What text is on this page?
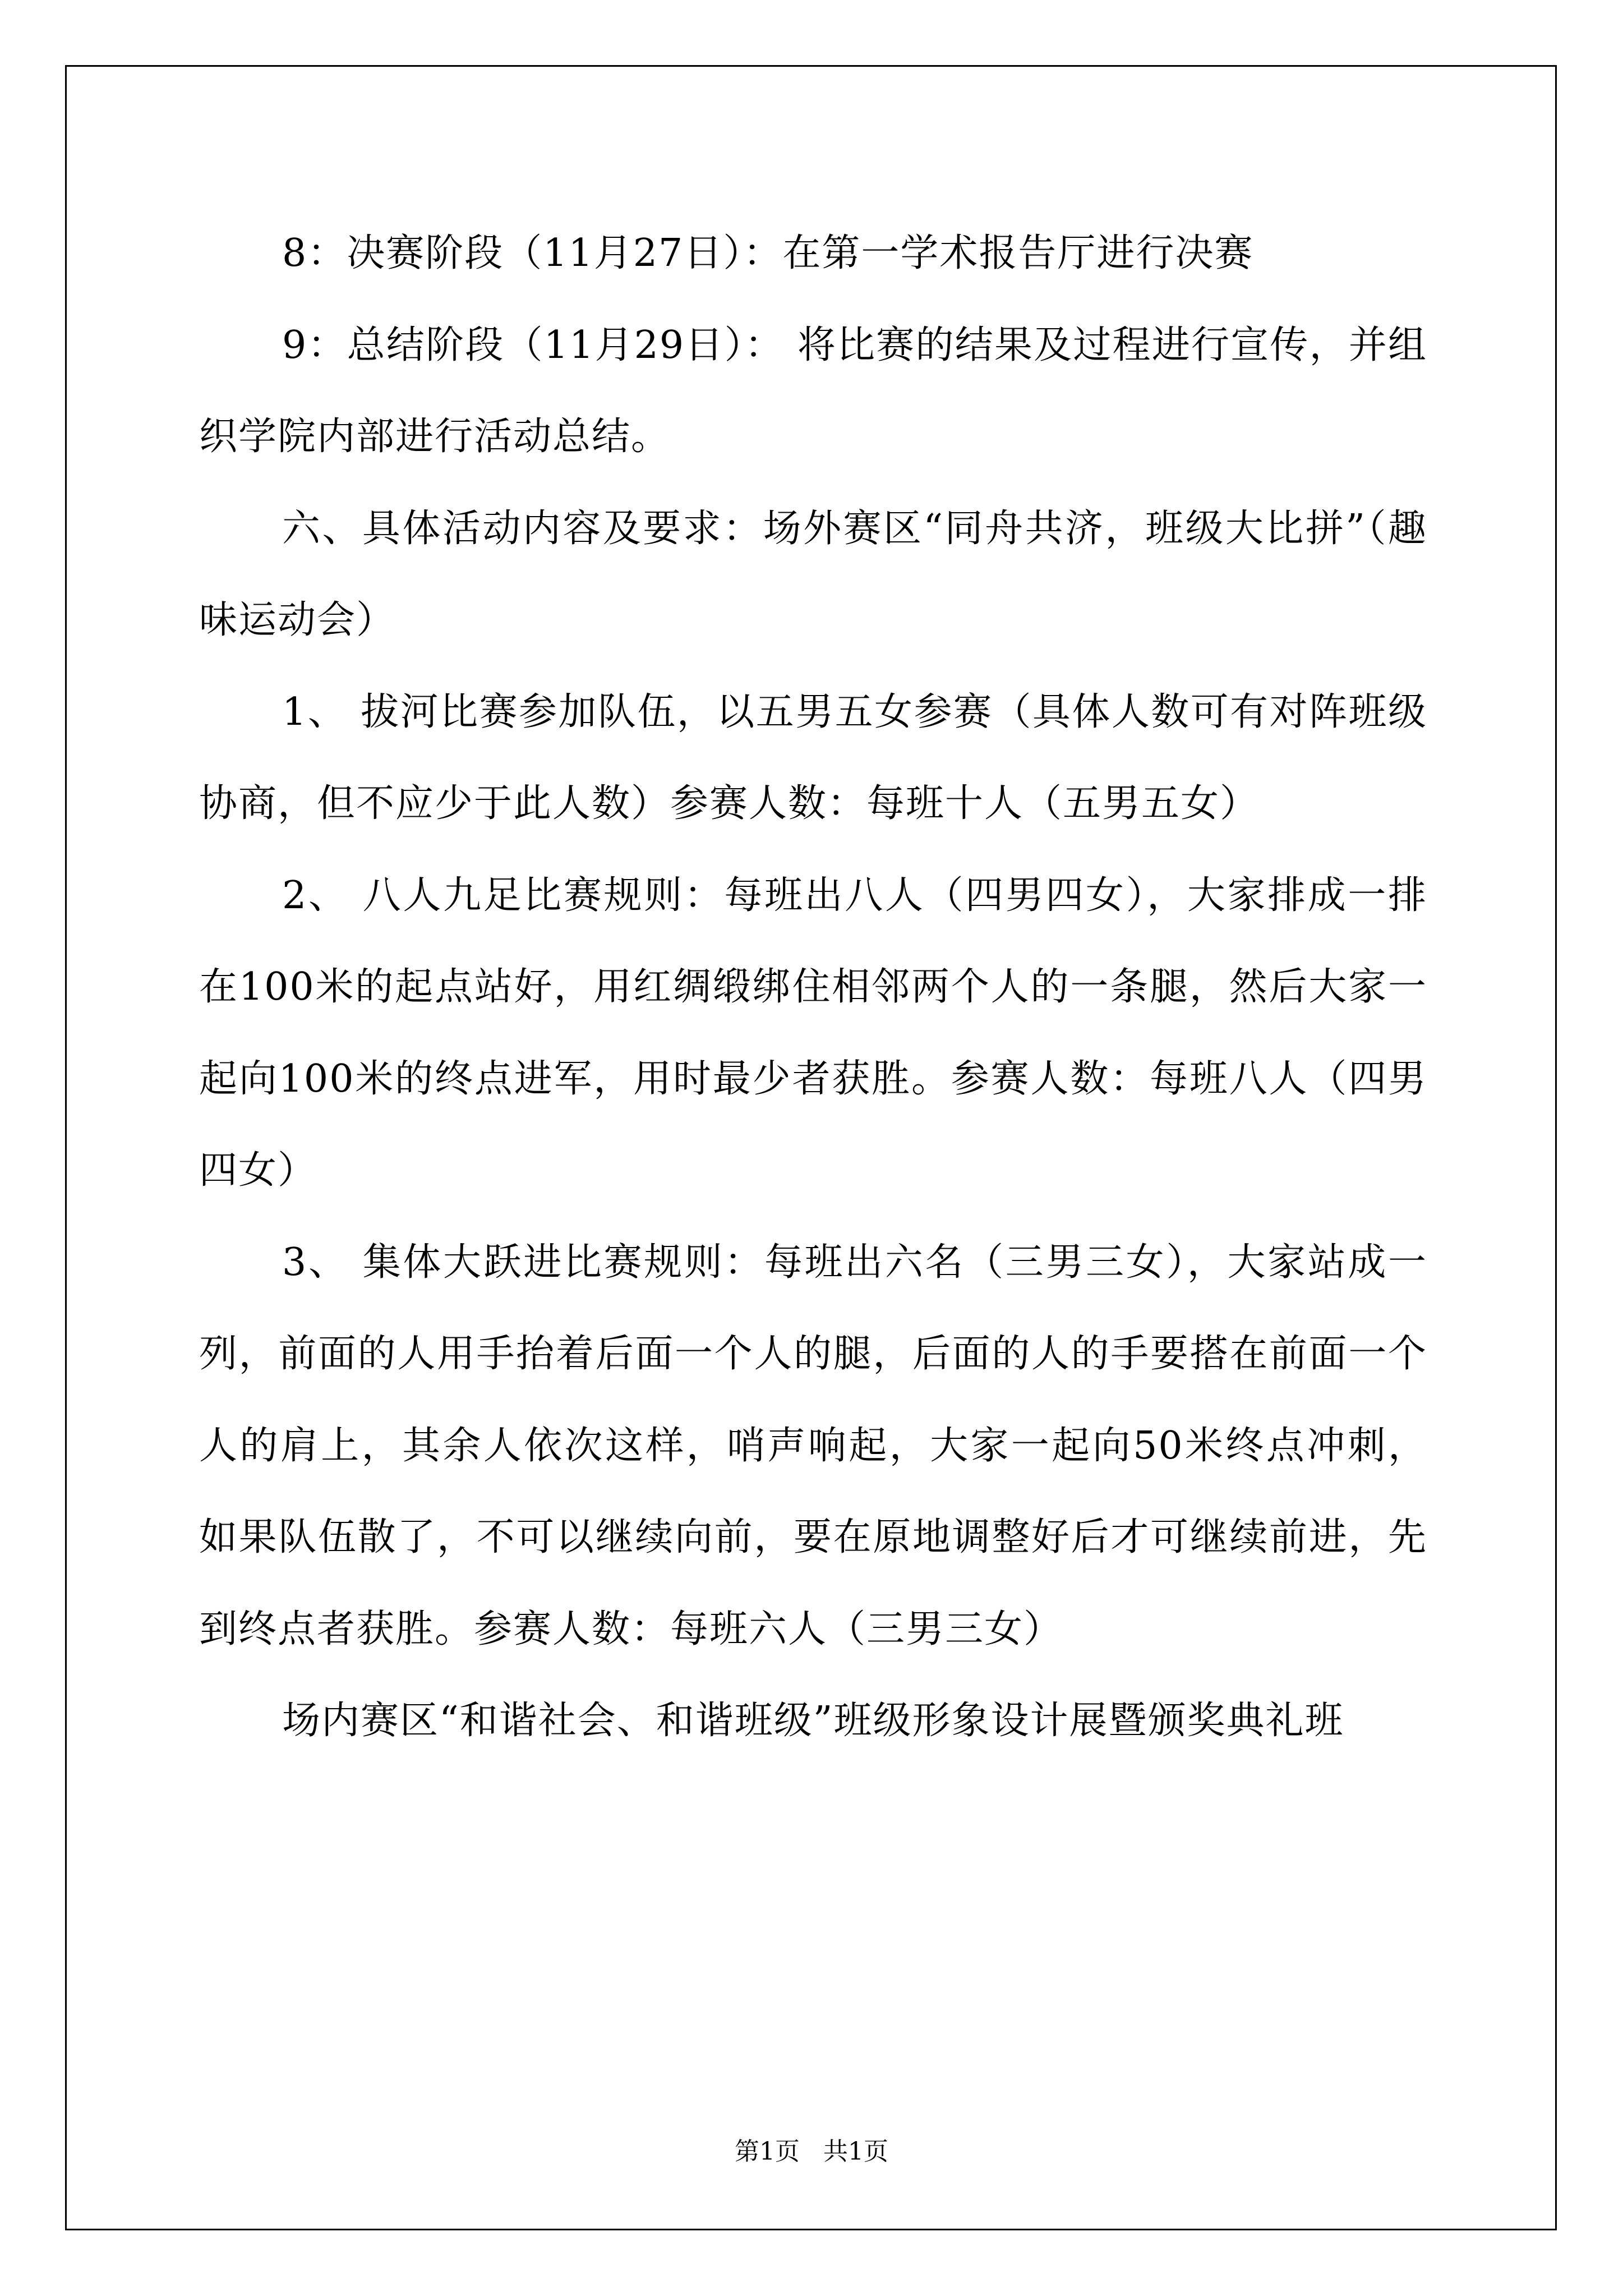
8：决赛阶段（11月27日）：在第一学术报告厅进行决赛

9：总结阶段（11月29日）： 将比赛的结果及过程进行宣传，并组织学院内部进行活动总结。

六、具体活动内容及要求：场外赛区“同舟共济，班级大比拼”（趣味运动会）

1、 拔河比赛参加队伍，以五男五女参赛（具体人数可有对阵班级协商，但不应少于此人数）参赛人数：每班十人（五男五女）

2、 八人九足比赛规则：每班出八人（四男四女），大家排成一排在100米的起点站好，用红绸缎绑住相邻两个人的一条腿，然后大家一起向100米的终点进军，用时最少者获胜。参赛人数：每班八人（四男四女）

3、 集体大跃进比赛规则：每班出六名（三男三女），大家站成一列，前面的人用手抬着后面一个人的腿，后面的人的手要搭在前面一个人的肩上，其余人依次这样，哨声响起，大家一起向50米终点冲刺，如果队伍散了，不可以继续向前，要在原地调整好后才可继续前进，先到终点者获胜。参赛人数：每班六人（三男三女）

场内赛区“和谐社会、和谐班级”班级形象设计展暨颁奖典礼班

第1页 共1页
